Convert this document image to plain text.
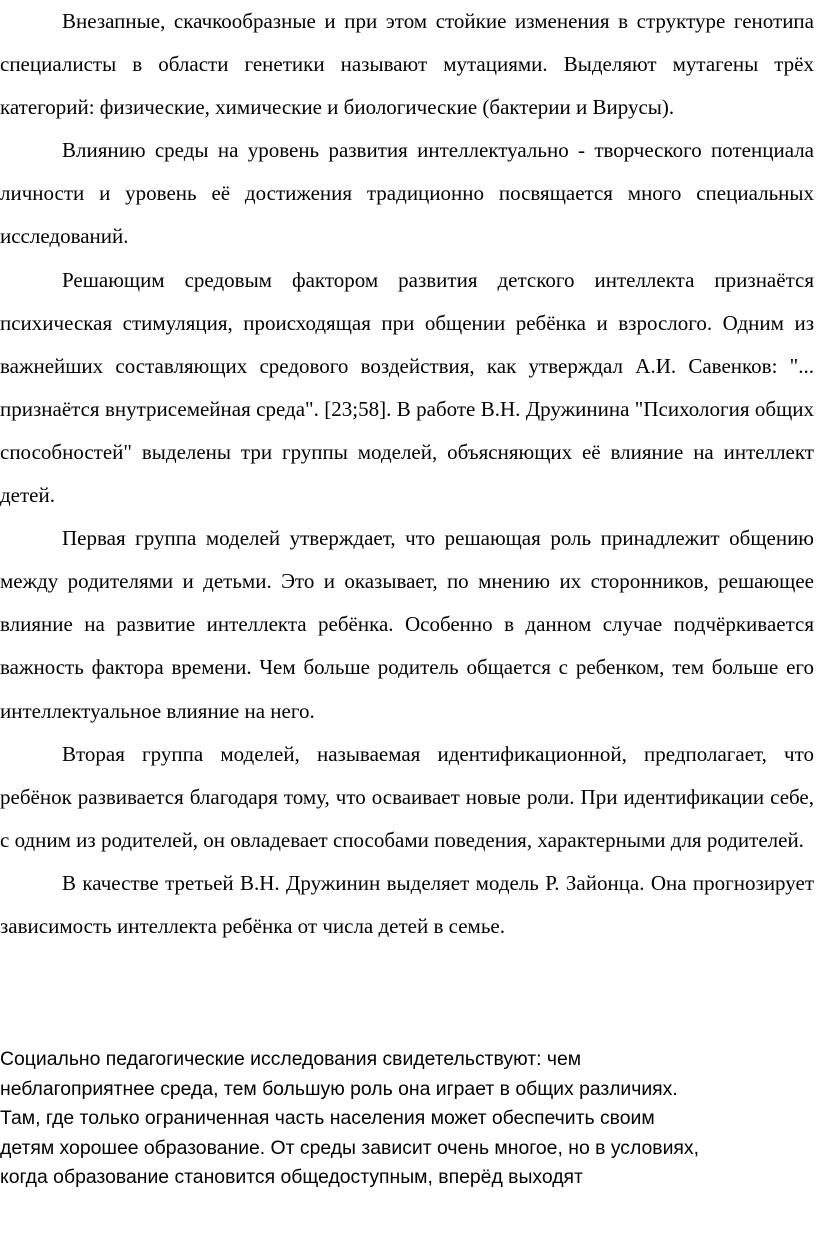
Внезапные, скачкообразные и при этом стойкие изменения в структуре генотипа специалисты в области генетики называют мутациями. Выделяют мутагены трёх категорий: физические, химические и биологические (бактерии и Вирусы).

Влиянию среды на уровень развития интеллектуально - творческого потенциала личности и уровень её достижения традиционно посвящается много специальных исследований.

Решающим средовым фактором развития детского интеллекта признаётся психическая стимуляция, происходящая при общении ребёнка и взрослого. Одним из важнейших составляющих средового воздействия, как утверждал А.И. Савенков: "... признаётся внутрисемейная среда". [23;58]. В работе В.Н. Дружинина "Психология общих способностей" выделены три группы моделей, объясняющих её влияние на интеллект детей.

Первая группа моделей утверждает, что решающая роль принадлежит общению между родителями и детьми. Это и оказывает, по мнению их сторонников, решающее влияние на развитие интеллекта ребёнка. Особенно в данном случае подчёркивается важность фактора времени. Чем больше родитель общается с ребенком, тем больше его интеллектуальное влияние на него.

Вторая группа моделей, называемая идентификационной, предполагает, что ребёнок развивается благодаря тому, что осваивает новые роли. При идентификации себе, с одним из родителей, он овладевает способами поведения, характерными для родителей.

В качестве третьей В.Н. Дружинин выделяет модель Р. Зайонца. Она прогнозирует зависимость интеллекта ребёнка от числа детей в семье.

Социально педагогические исследования свидетельствуют: чем
неблагоприятнее среда, тем большую роль она играет в общих различиях.
Там, где только ограниченная часть населения может обеспечить своим
детям хорошее образование. От среды зависит очень многое, но в условиях,
когда образование становится общедоступным, вперёд выходят
